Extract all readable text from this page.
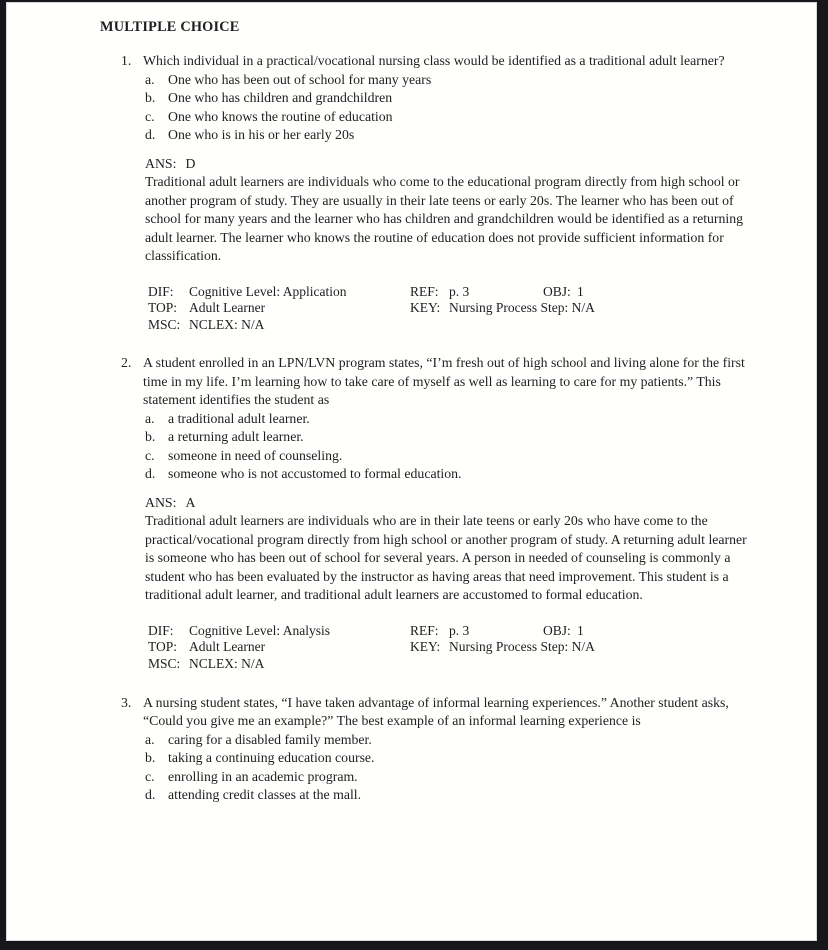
MULTIPLE CHOICE
1. Which individual in a practical/vocational nursing class would be identified as a traditional adult learner?

a. One who has been out of school for many years
b. One who has children and grandchildren
c. One who knows the routine of education
d. One who is in his or her early 20s

ANS: D

Traditional adult learners are individuals who come to the educational program directly from high school or another program of study. They are usually in their late teens or early 20s. The learner who has been out of school for many years and the learner who has children and grandchildren would be identified as a returning adult learner. The learner who knows the routine of education does not provide sufficient information for classification.

DIF: Cognitive Level: Application	REF: p. 3	OBJ: 1
TOP: Adult Learner	KEY: Nursing Process Step: N/A
MSC: NCLEX: N/A
2. A student enrolled in an LPN/LVN program states, “I’m fresh out of high school and living alone for the first time in my life. I’m learning how to take care of myself as well as learning to care for my patients.” This statement identifies the student as

a. a traditional adult learner.
b. a returning adult learner.
c. someone in need of counseling.
d. someone who is not accustomed to formal education.

ANS: A

Traditional adult learners are individuals who are in their late teens or early 20s who have come to the practical/vocational program directly from high school or another program of study. A returning adult learner is someone who has been out of school for several years. A person in needed of counseling is commonly a student who has been evaluated by the instructor as having areas that need improvement. This student is a traditional adult learner, and traditional adult learners are accustomed to formal education.

DIF: Cognitive Level: Analysis	REF: p. 3	OBJ: 1
TOP: Adult Learner	KEY: Nursing Process Step: N/A
MSC: NCLEX: N/A
3. A nursing student states, “I have taken advantage of informal learning experiences.” Another student asks, “Could you give me an example?” The best example of an informal learning experience is

a. caring for a disabled family member.
b. taking a continuing education course.
c. enrolling in an academic program.
d. attending credit classes at the mall.
